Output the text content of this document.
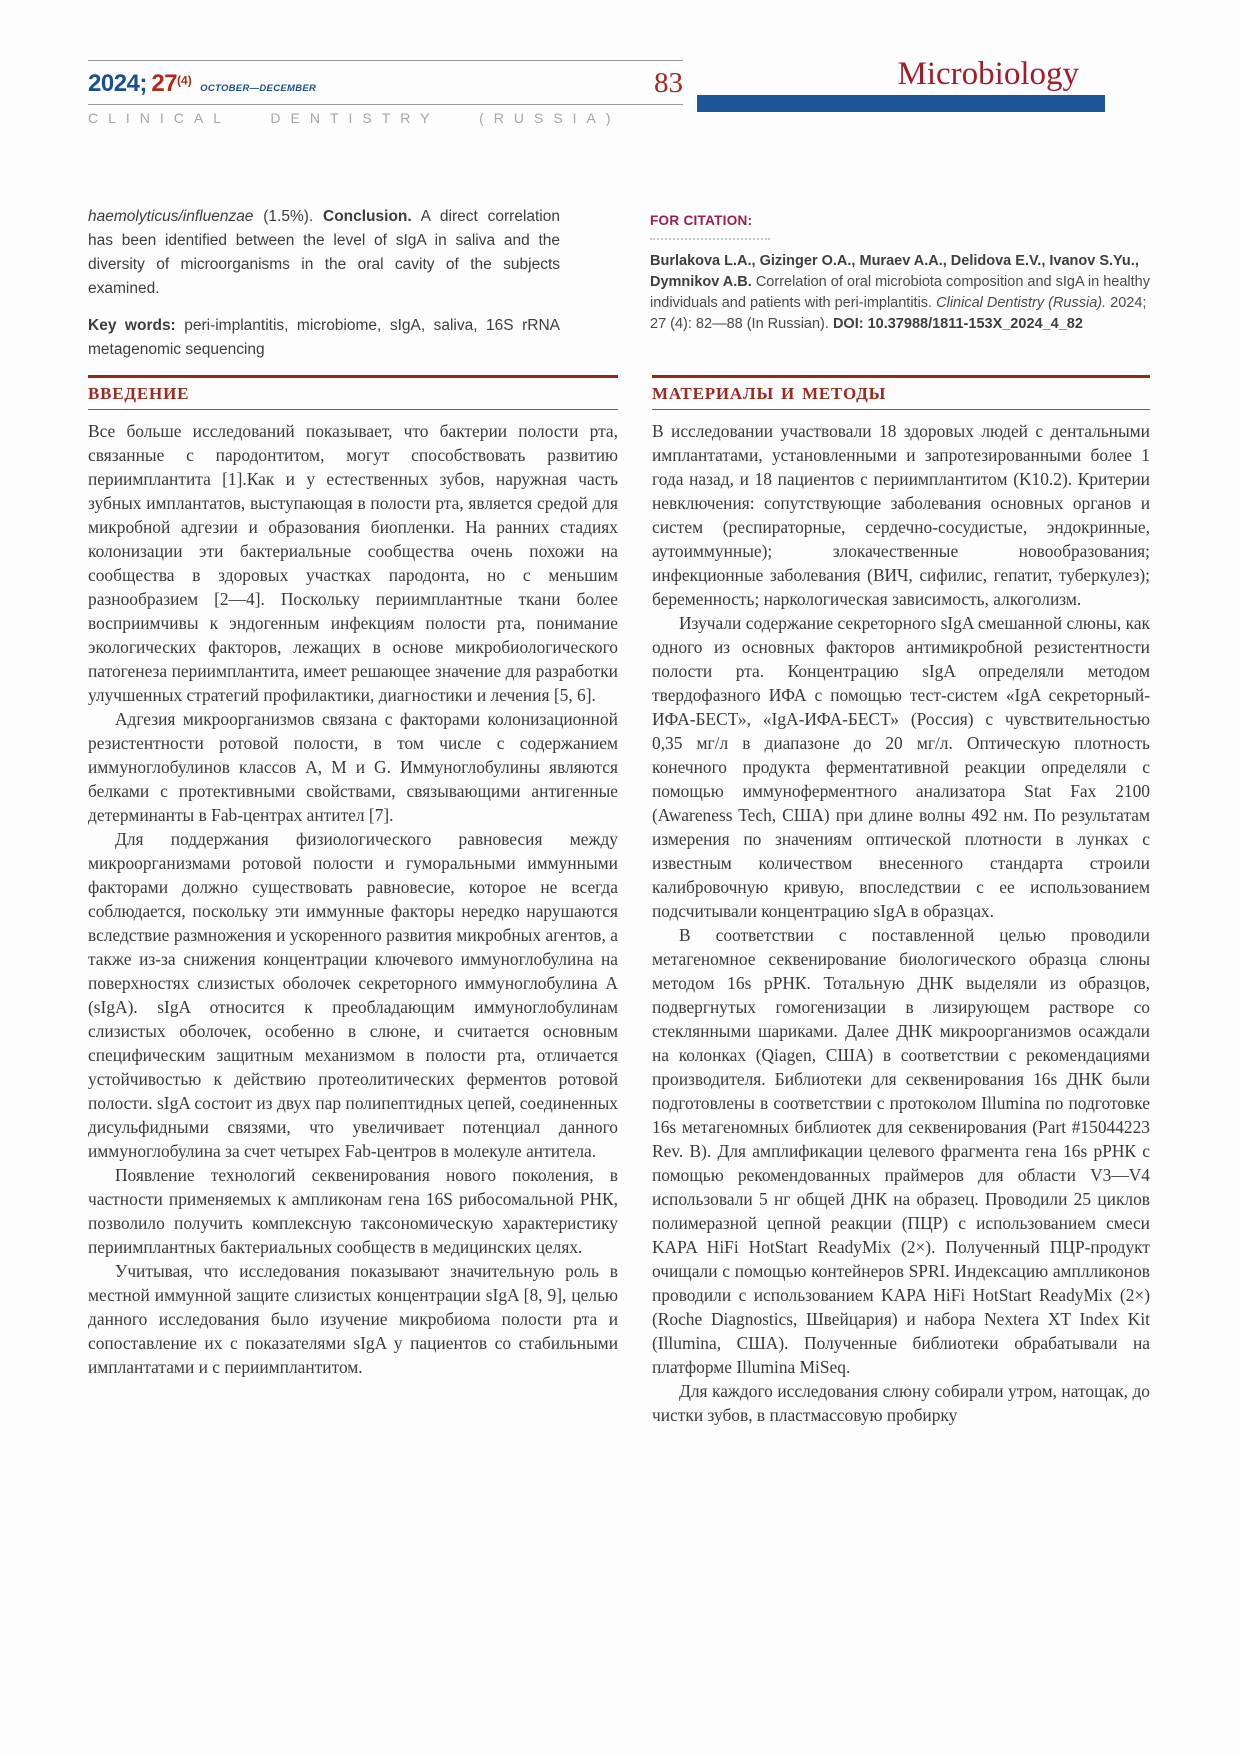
2024; 27$^{(4)}$ OCTOBER—DECEMBER	83
CLINICAL DENTISTRY (RUSSIA)
Microbiology
haemolyticus/influenzae (1.5%). Conclusion. A direct correlation has been identified between the level of sIgA in saliva and the diversity of microorganisms in the oral cavity of the subjects examined.
Key words: peri-implantitis, microbiome, sIgA, saliva, 16S rRNA metagenomic sequencing
FOR CITATION:
Burlakova L.A., Gizinger O.A., Muraev A.A., Delidova E.V., Ivanov S.Yu., Dymnikov A.B. Correlation of oral microbiota composition and sIgA in healthy individuals and patients with peri-implantitis. Clinical Dentistry (Russia). 2024; 27 (4): 82—88 (In Russian). DOI: 10.37988/1811-153X_2024_4_82
ВВЕДЕНИЕ

Все больше исследований показывает, что бактерии полости рта, связанные с пародонтитом, могут способствовать развитию периимплантита [1].Как и у естественных зубов, наружная часть зубных имплантатов, выступающая в полости рта, является средой для микробной адгезии и образования биопленки. На ранних стадиях колонизации эти бактериальные сообщества очень похожи на сообщества в здоровых участках пародонта, но с меньшим разнообразием [2—4]. Поскольку периимплантные ткани более восприимчивы к эндогенным инфекциям полости рта, понимание экологических факторов, лежащих в основе микробиологического патогенеза периимплантита, имеет решающее значение для разработки улучшенных стратегий профилактики, диагностики и лечения [5, 6].

Адгезия микроорганизмов связана с факторами колонизационной резистентности ротовой полости, в том числе с содержанием иммуноглобулинов классов A, M и G. Иммуноглобулины являются белками с протективными свойствами, связывающими антигенные детерминанты в Fab-центрах антител [7].

Для поддержания физиологического равновесия между микроорганизмами ротовой полости и гуморальными иммунными факторами должно существовать равновесие, которое не всегда соблюдается, поскольку эти иммунные факторы нередко нарушаются вследствие размножения и ускоренного развития микробных агентов, а также из-за снижения концентрации ключевого иммуноглобулина на поверхностях слизистых оболочек секреторного иммуноглобулина A (sIgA). sIgA относится к преобладающим иммуноглобулинам слизистых оболочек, особенно в слюне, и считается основным специфическим защитным механизмом в полости рта, отличается устойчивостью к действию протеолитических ферментов ротовой полости. sIgA состоит из двух пар полипептидных цепей, соединенных дисульфидными связями, что увеличивает потенциал данного иммуноглобулина за счет четырех Fab-центров в молекуле антитела.

Появление технологий секвенирования нового поколения, в частности применяемых к ампликонам гена 16S рибосомальной РНК, позволило получить комплексную таксономическую характеристику периимплантных бактериальных сообществ в медицинских целях.

Учитывая, что исследования показывают значительную роль в местной иммунной защите слизистых концентрации sIgA [8, 9], целью данного исследования было изучение микробиома полости рта и сопоставление их с показателями sIgA у пациентов со стабильными имплантатами и с периимплантитом.

МАТЕРИАЛЫ И МЕТОДЫ

В исследовании участвовали 18 здоровых людей с дентальными имплантатами, установленными и запротезированными более 1 года назад, и 18 пациентов с периимплантитом (K10.2). Критерии невключения: сопутствующие заболевания основных органов и систем (респираторные, сердечно-сосудистые, эндокринные, аутоиммунные); злокачественные новообразования; инфекционные заболевания (ВИЧ, сифилис, гепатит, туберкулез); беременность; наркологическая зависимость, алкоголизм.

Изучали содержание секреторного sIgA смешанной слюны, как одного из основных факторов антимикробной резистентности полости рта. Концентрацию sIgA определяли методом твердофазного ИФА с помощью тест-систем «IgA секреторный-ИФА-БЕСТ», «IgA-ИФА-БЕСТ» (Россия) с чувствительностью 0,35 мг/л в диапазоне до 20 мг/л. Оптическую плотность конечного продукта ферментативной реакции определяли с помощью иммуноферментного анализатора Stat Fax 2100 (Awareness Tech, США) при длине волны 492 нм. По результатам измерения по значениям оптической плотности в лунках с известным количеством внесенного стандарта строили калибровочную кривую, впоследствии с ее использованием подсчитывали концентрацию sIgA в образцах.

В соответствии с поставленной целью проводили метагеномное секвенирование биологического образца слюны методом 16s рРНК. Тотальную ДНК выделяли из образцов, подвергнутых гомогенизации в лизирующем растворе со стеклянными шариками. Далее ДНК микроорганизмов осаждали на колонках (Qiagen, США) в соответствии с рекомендациями производителя. Библиотеки для секвенирования 16s ДНК были подготовлены в соответствии с протоколом Illumina по подготовке 16s метагеномных библиотек для секвенирования (Part #15044223 Rev. B). Для амплификации целевого фрагмента гена 16s рРНК с помощью рекомендованных праймеров для области V3—V4 использовали 5 нг общей ДНК на образец. Проводили 25 циклов полимеразной цепной реакции (ПЦР) с использованием смеси KAPA HiFi HotStart ReadyMix (2×). Полученный ПЦР-продукт очищали с помощью контейнеров SPRI. Индексацию амплликонов проводили с использованием KAPA HiFi HotStart ReadyMix (2×) (Roche Diagnostics, Швейцария) и набора Nextera XT Index Kit (Illumina, США). Полученные библиотеки обрабатывали на платформе Illumina MiSeq.

Для каждого исследования слюну собирали утром, натощак, до чистки зубов, в пластмассовую пробирку
